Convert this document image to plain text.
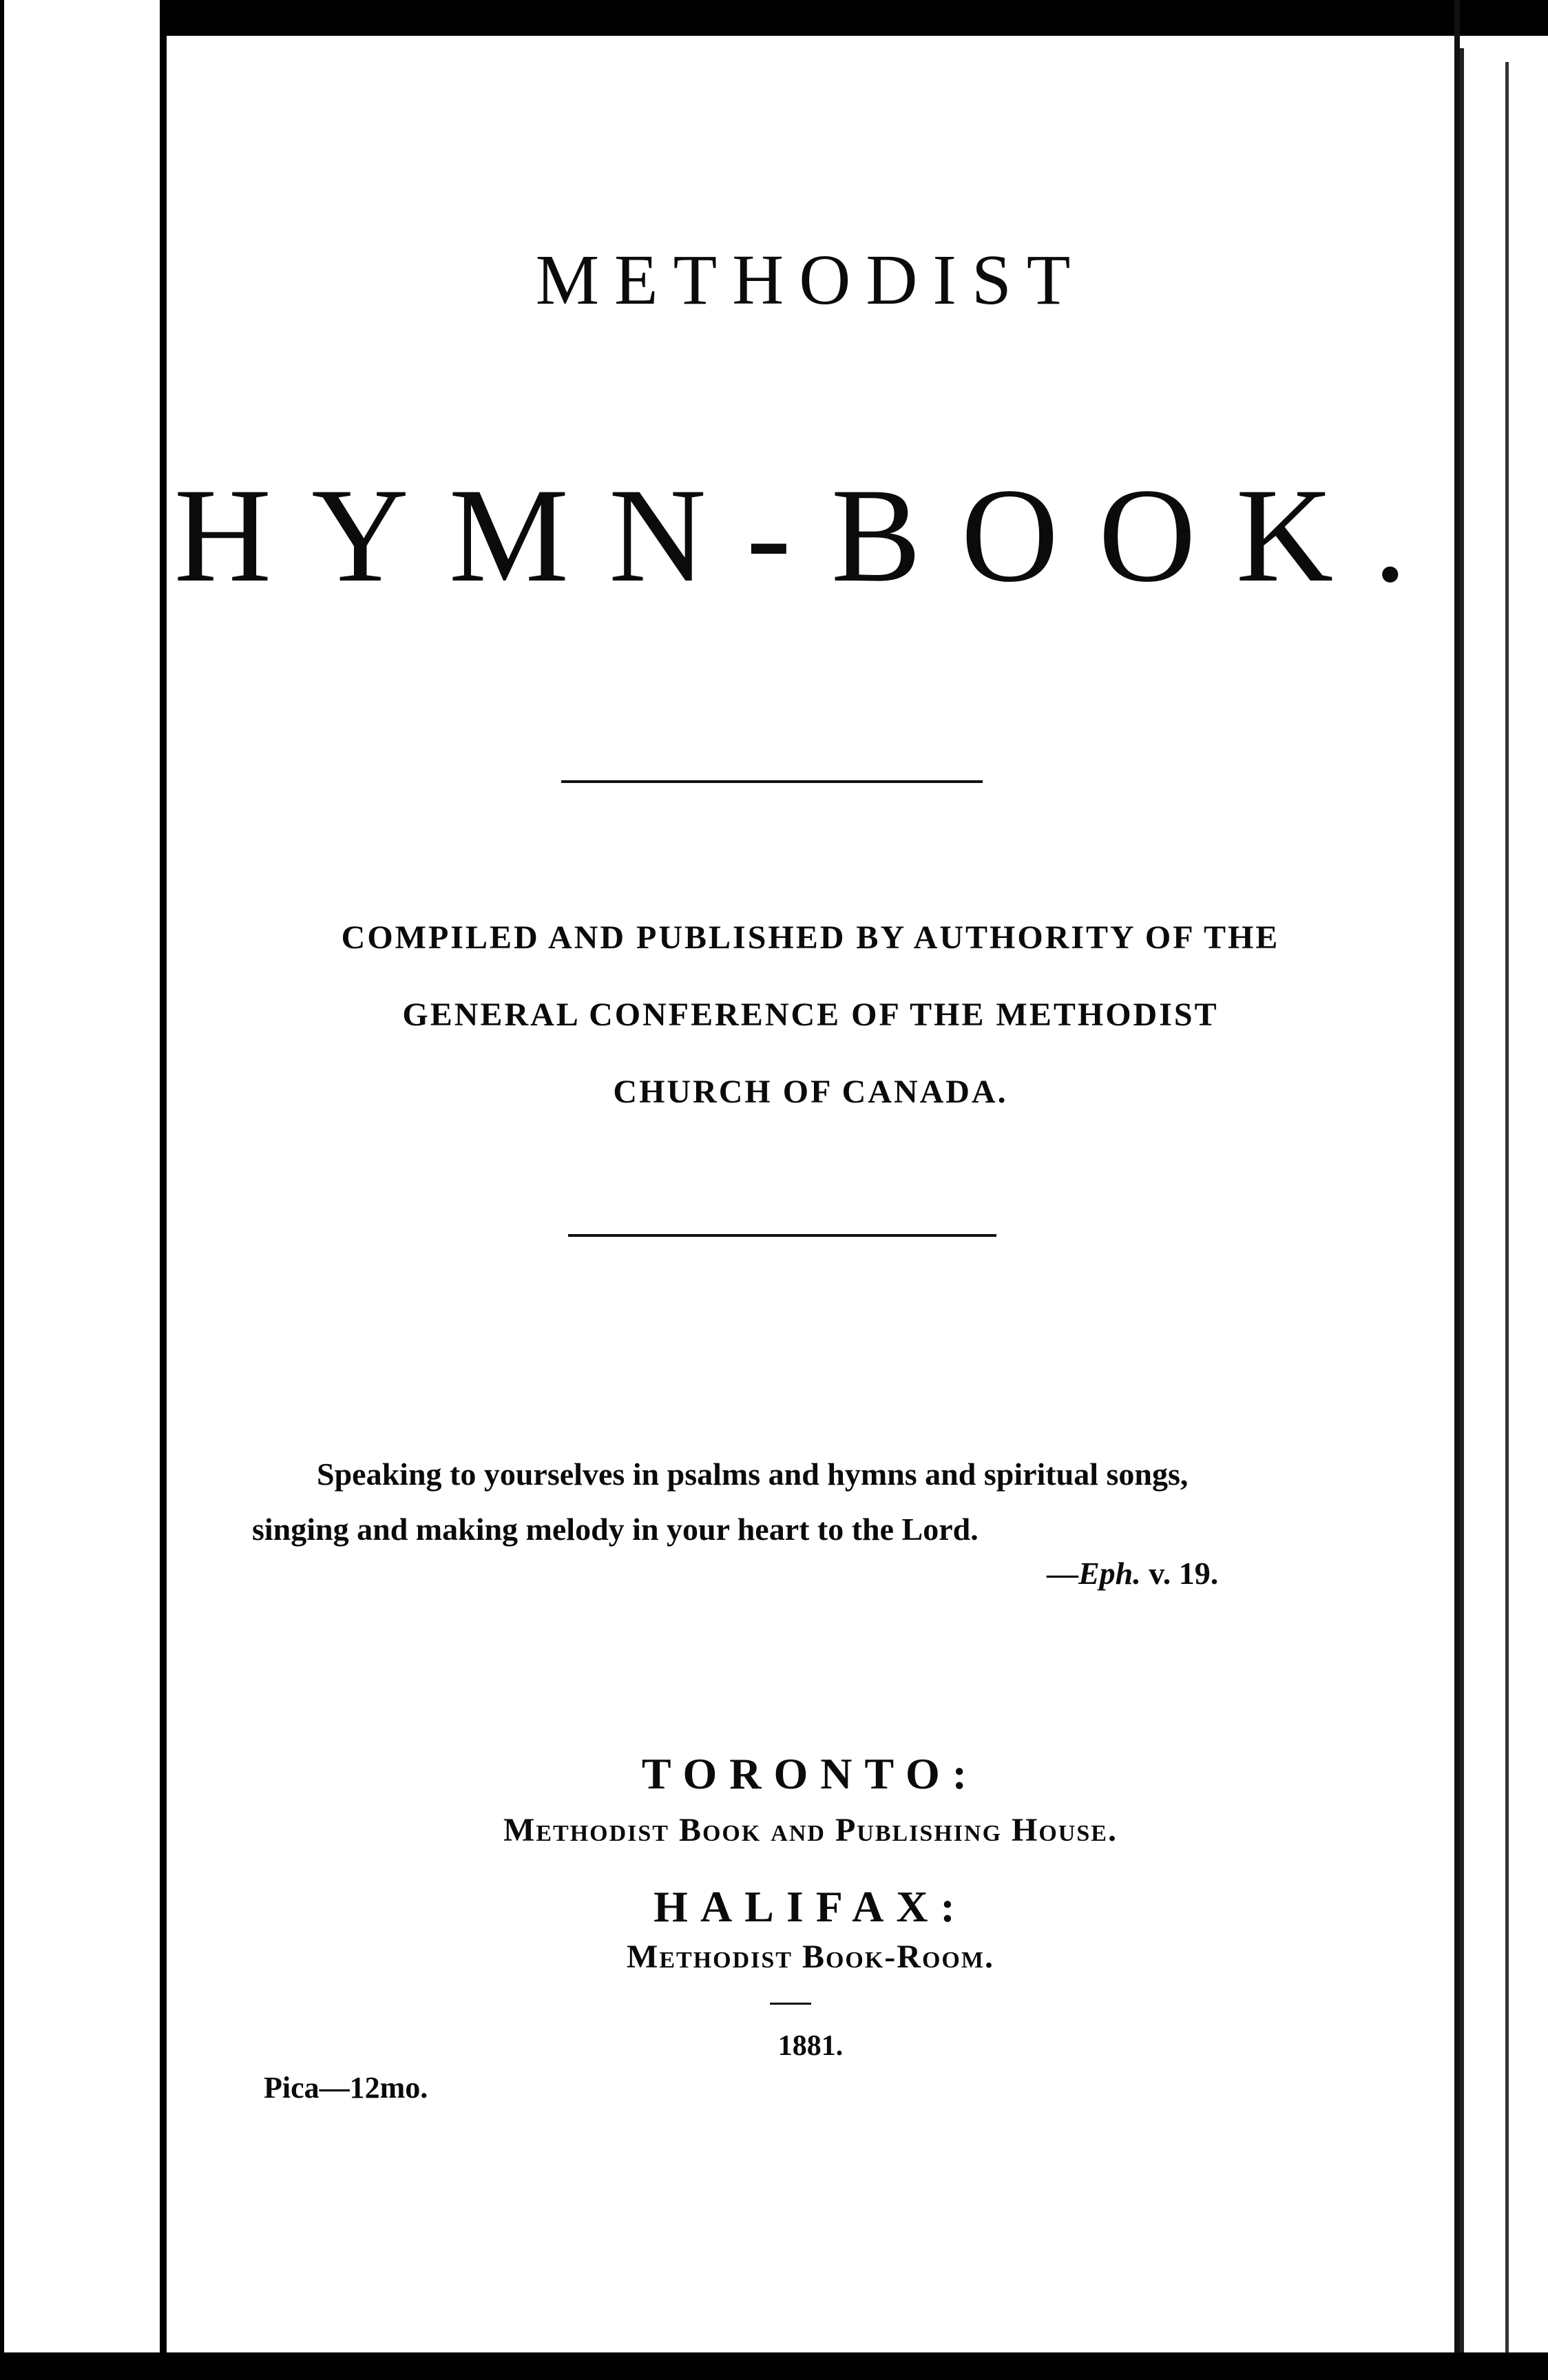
METHODIST
HYMN-BOOK.
COMPILED AND PUBLISHED BY AUTHORITY OF THE
GENERAL CONFERENCE OF THE METHODIST
CHURCH OF CANADA.
Speaking to yourselves in psalms and hymns and spiritual songs,
singing and making melody in your heart to the Lord.
—Eph. v. 19.
TORONTO:
Methodist Book and Publishing House.
HALIFAX:
Methodist Book-Room.
1881.
Pica—12mo.
